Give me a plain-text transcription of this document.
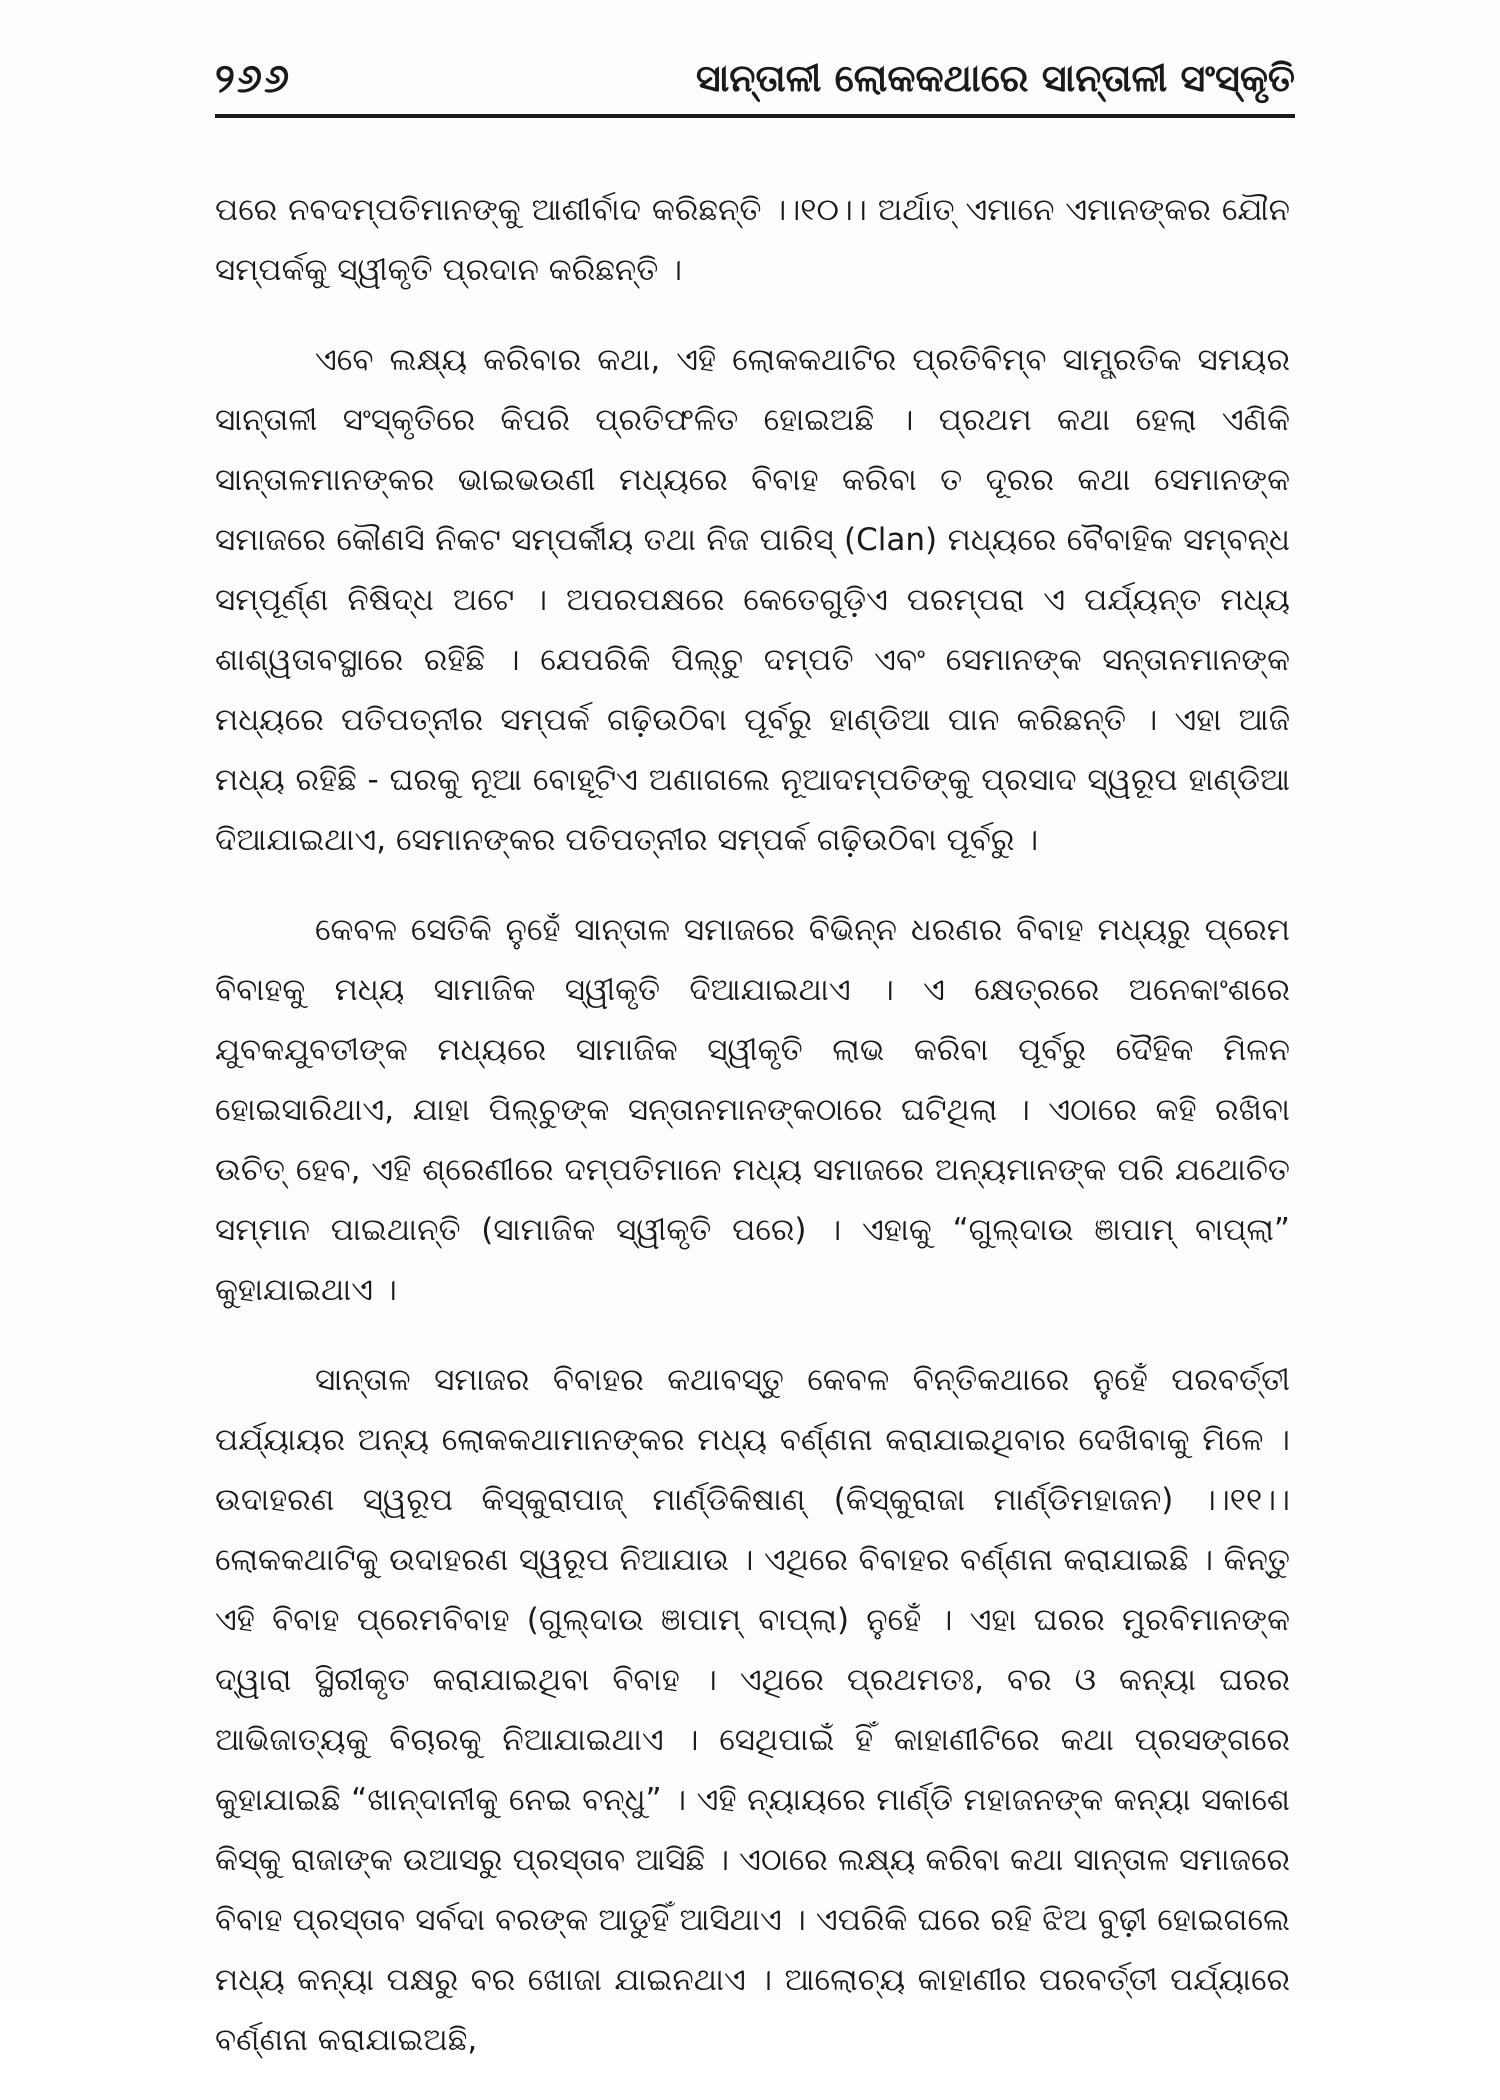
୨୬୬	ସାନ୍ତାଳୀ ଲୋକକଥାରେ ସାନ୍ତାଳୀ ସଂସ୍କୃତି

ପରେ ନବଦମ୍ପତିମାନଙ୍କୁ ଆଶୀର୍ବାଦ କରିଛନ୍ତି ।।୧୦।। ଅର୍ଥାତ୍ ଏମାନେ ଏମାନଙ୍କର ଯୌନ ସମ୍ପର୍କକୁ ସ୍ୱୀକୃତି ପ୍ରଦାନ କରିଛନ୍ତି ।

ଏବେ ଲକ୍ଷ୍ୟ କରିବାର କଥା, ଏହି ଲୋକକଥାଟିର ପ୍ରତିବିମ୍ବ ସାମ୍ପ୍ରତିକ ସମୟର ସାନ୍ତାଳୀ ସଂସ୍କୃତିରେ କିପରି ପ୍ରତିଫଳିତ ହୋଇଅଛି । ପ୍ରଥମ କଥା ହେଲା ଏଣିକି ସାନ୍ତାଳମାନଙ୍କର ଭାଇଭଉଣୀ ମଧ୍ୟରେ ବିବାହ କରିବା ତ ଦୂରର କଥା ସେମାନଙ୍କ ସମାଜରେ କୌଣସି ନିକଟ ସମ୍ପର୍କୀୟ ତଥା ନିଜ ପାରିସ୍ (Clan) ମଧ୍ୟରେ ବୈବାହିକ ସମ୍ବନ୍ଧ ସମ୍ପୂର୍ଣ୍ଣ ନିଷିଦ୍ଧ ଅଟେ । ଅପରପକ୍ଷରେ କେତେଗୁଡ଼ିଏ ପରମ୍ପରା ଏ ପର୍ଯ୍ୟନ୍ତ ମଧ୍ୟ ଶାଶ୍ୱତାବସ୍ଥାରେ ରହିଛି । ଯେପରିକି ପିଲ୍‌ଚୁ ଦମ୍ପତି ଏବଂ ସେମାନଙ୍କ ସନ୍ତାନମାନଙ୍କ ମଧ୍ୟରେ ପତିପତ୍ନୀର ସମ୍ପର୍କ ଗଢ଼ିଉଠିବା ପୂର୍ବରୁ ହାଣ୍ଡିଆ ପାନ କରିଛନ୍ତି । ଏହା ଆଜି ମଧ୍ୟ ରହିଛି - ଘରକୁ ନୂଆ ବୋହୂଟିଏ ଅଣାଗଲେ ନୂଆଦମ୍ପତିଙ୍କୁ ପ୍ରସାଦ ସ୍ୱରୂପ ହାଣ୍ଡିଆ ଦିଆଯାଇଥାଏ, ସେମାନଙ୍କର ପତିପତ୍ନୀର ସମ୍ପର୍କ ଗଢ଼ିଉଠିବା ପୂର୍ବରୁ ।

କେବଳ ସେତିକି ନୁହେଁ ସାନ୍ତାଳ ସମାଜରେ ବିଭିନ୍ନ ଧରଣର ବିବାହ ମଧ୍ୟରୁ ପ୍ରେମ ବିବାହକୁ ମଧ୍ୟ ସାମାଜିକ ସ୍ୱୀକୃତି ଦିଆଯାଇଥାଏ । ଏ କ୍ଷେତ୍ରରେ ଅନେକାଂଶରେ ଯୁବକଯୁବତୀଙ୍କ ମଧ୍ୟରେ ସାମାଜିକ ସ୍ୱୀକୃତି ଲାଭ କରିବା ପୂର୍ବରୁ ଦୈହିକ ମିଳନ ହୋଇସାରିଥାଏ, ଯାହା ପିଲ୍‌ଚୁଙ୍କ ସନ୍ତାନମାନଙ୍କଠାରେ ଘଟିଥିଲା । ଏଠାରେ କହି ରଖିବା ଉଚିତ୍ ହେବ, ଏହି ଶ୍ରେଣୀରେ ଦମ୍ପତିମାନେ ମଧ୍ୟ ସମାଜରେ ଅନ୍ୟମାନଙ୍କ ପରି ଯଥୋଚିତ ସମ୍ମାନ ପାଇଥାନ୍ତି (ସାମାଜିକ ସ୍ୱୀକୃତି ପରେ) । ଏହାକୁ “ଗୁଲ୍‌ଦାଉ ଞାପାମ୍ ବାପ୍ଲା” କୁହାଯାଇଥାଏ ।

ସାନ୍ତାଳ ସମାଜର ବିବାହର କଥାବସ୍ତୁ କେବଳ ବିନ୍ତିକଥାରେ ନୁହେଁ ପରବର୍ତ୍ତୀ ପର୍ଯ୍ୟାୟର ଅନ୍ୟ ଲୋକକଥାମାନଙ୍କର ମଧ୍ୟ ବର୍ଣ୍ଣନା କରାଯାଇଥିବାର ଦେଖିବାକୁ ମିଳେ । ଉଦାହରଣ ସ୍ୱରୂପ କିସ୍କୁରାପାଜ୍ ମାର୍ଣ୍ଡିକିଷାଣ୍ (କିସ୍କୁରାଜା ମାର୍ଣ୍ଡିମହାଜନ) ।।୧୧।। ଲୋକକଥାଟିକୁ ଉଦାହରଣ ସ୍ୱରୂପ ନିଆଯାଉ । ଏଥିରେ ବିବାହର ବର୍ଣ୍ଣନା କରାଯାଇଛି । କିନ୍ତୁ ଏହି ବିବାହ ପ୍ରେମବିବାହ (ଗୁଲ୍‌ଦାଉ ଞାପାମ୍ ବାପ୍ଲା) ନୁହେଁ । ଏହା ଘରର ମୁରବିମାନଙ୍କ ଦ୍ୱାରା ସ୍ଥିରୀକୃତ କରାଯାଇଥିବା ବିବାହ । ଏଥିରେ ପ୍ରଥମତଃ, ବର ଓ କନ୍ୟା ଘରର ଆଭିଜାତ୍ୟକୁ ବିଚାରକୁ ନିଆଯାଇଥାଏ । ସେଥିପାଇଁ ହିଁ କାହାଣୀଟିରେ କଥା ପ୍ରସଙ୍ଗରେ କୁହାଯାଇଛି “ଖାନ୍‌ଦାନୀକୁ ନେଇ ବନ୍ଧୁ” । ଏହି ନ୍ୟାୟରେ ମାର୍ଣ୍ଡି ମହାଜନଙ୍କ କନ୍ୟା ସକାଶେ କିସ୍କୁ ରାଜାଙ୍କ ଉଆସରୁ ପ୍ରସ୍ତାବ ଆସିଛି । ଏଠାରେ ଲକ୍ଷ୍ୟ କରିବା କଥା ସାନ୍ତାଳ ସମାଜରେ ବିବାହ ପ୍ରସ୍ତାବ ସର୍ବଦା ବରଙ୍କ ଆଡୁହିଁ ଆସିଥାଏ । ଏପରିକି ଘରେ ରହି ଝିଅ ବୁଢ଼ୀ ହୋଇଗଲେ ମଧ୍ୟ କନ୍ୟା ପକ୍ଷରୁ ବର ଖୋଜା ଯାଇନଥାଏ । ଆଲୋଚ୍ୟ କାହାଣୀର ପରବର୍ତ୍ତୀ ପର୍ଯ୍ୟାରେ ବର୍ଣ୍ଣନା କରାଯାଇଅଛି,
